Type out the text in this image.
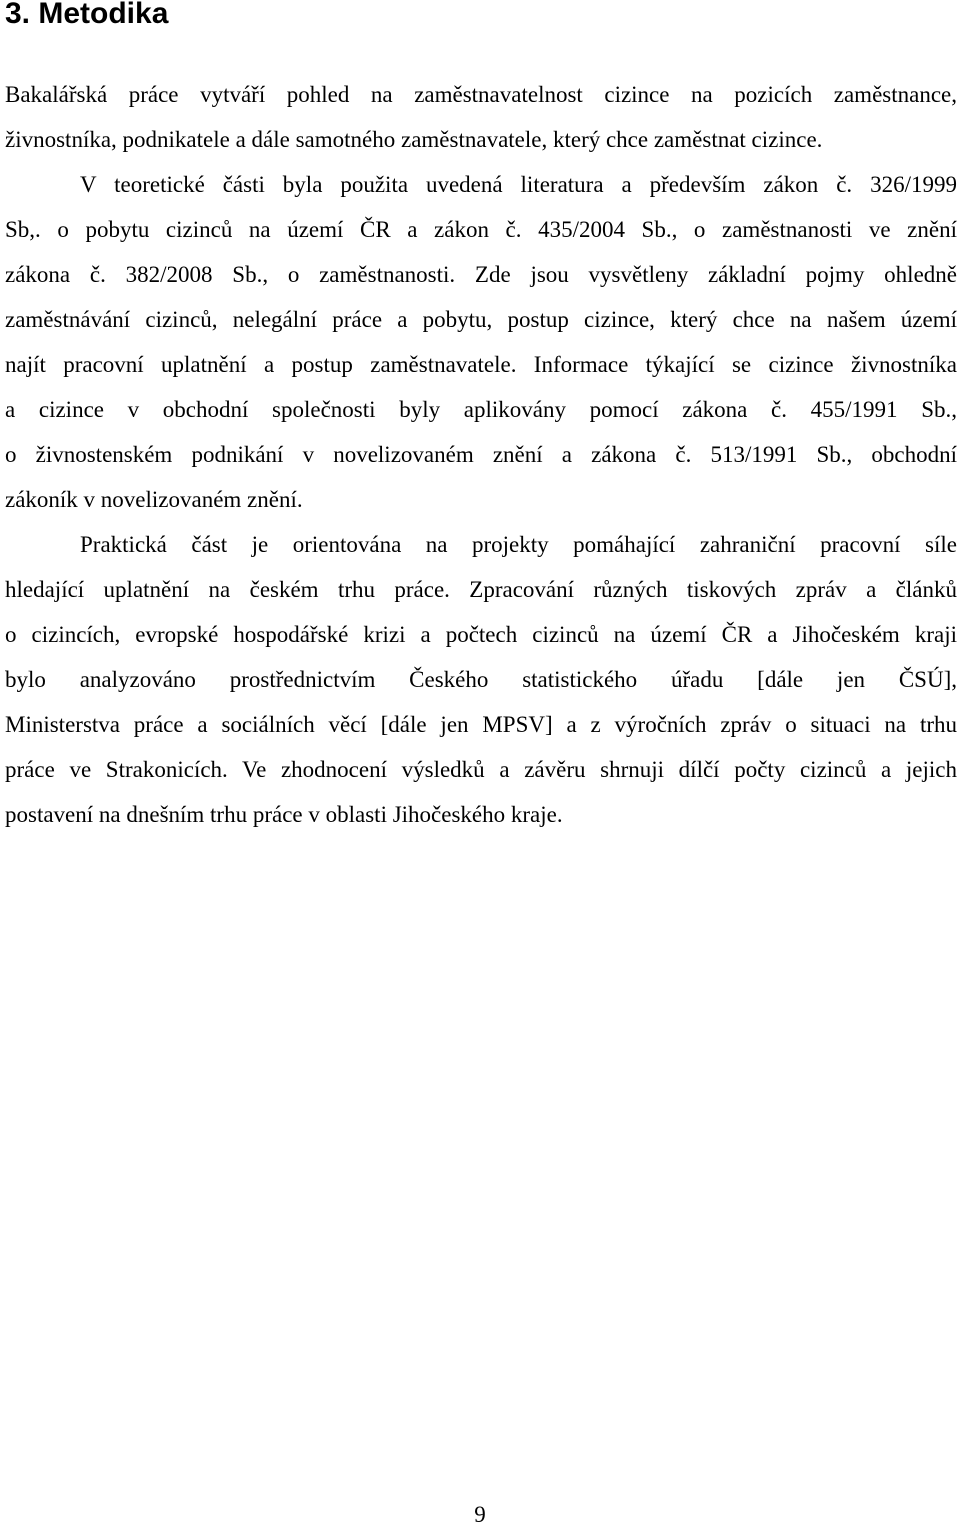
3. Metodika
Bakalářská práce vytváří pohled na zaměstnavatelnost cizince na pozicích zaměstnance,
živnostníka, podnikatele a dále samotného zaměstnavatele, který chce zaměstnat cizince.
V teoretické části byla použita uvedená literatura a především zákon č. 326/1999
Sb,. o pobytu cizinců na území ČR a zákon č. 435/2004 Sb., o zaměstnanosti ve znění
zákona č. 382/2008 Sb., o zaměstnanosti. Zde jsou vysvětleny základní pojmy ohledně
zaměstnávání cizinců, nelegální práce a pobytu, postup cizince, který chce na našem území
najít pracovní uplatnění a postup zaměstnavatele. Informace týkající se cizince živnostníka
a cizince v obchodní společnosti byly aplikovány pomocí zákona č. 455/1991 Sb.,
o živnostenském podnikání v novelizovaném znění a zákona č. 513/1991 Sb., obchodní
zákoník v novelizovaném znění.
Praktická část je orientována na projekty pomáhající zahraniční pracovní síle
hledající uplatnění na českém trhu práce. Zpracování různých tiskových zpráv a článků
o cizincích, evropské hospodářské krizi a počtech cizinců na území ČR a Jihočeském kraji
bylo analyzováno prostřednictvím Českého statistického úřadu [dále jen ČSÚ],
Ministerstva práce a sociálních věcí [dále jen MPSV] a z výročních zpráv o situaci na trhu
práce ve Strakonicích. Ve zhodnocení výsledků a závěru shrnuji dílčí počty cizinců a jejich
postavení na dnešním trhu práce v oblasti Jihočeského kraje.
9
